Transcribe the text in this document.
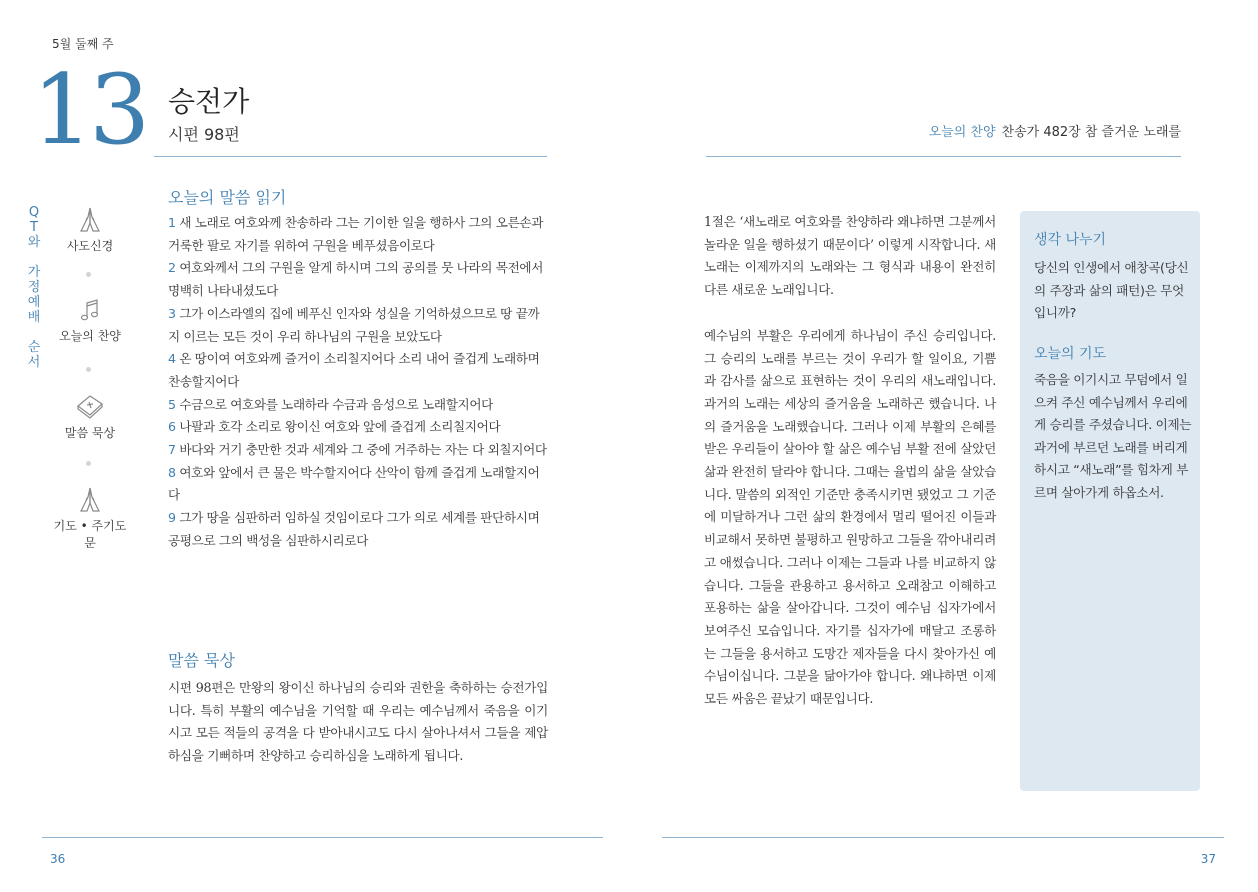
5월 둘째 주
13 승전가
시편 98편	오늘의 찬양 찬송가 482장 참 즐거운 노래를
Q
T
와
가
정
예
배
순
서
사도신경
오늘의 찬양
말씀 묵상
기도 • 주기도문
오늘의 말씀 읽기
1 새 노래로 여호와께 찬송하라 그는 기이한 일을 행하사 그의 오른손과 거룩한 팔로 자기를 위하여 구원을 베푸셨음이로다
2 여호와께서 그의 구원을 알게 하시며 그의 공의를 뭇 나라의 목전에서 명백히 나타내셨도다
3 그가 이스라엘의 집에 베푸신 인자와 성실을 기억하셨으므로 땅 끝까지 이르는 모든 것이 우리 하나님의 구원을 보았도다
4 온 땅이여 여호와께 즐거이 소리칠지어다 소리 내어 즐겁게 노래하며 찬송할지어다
5 수금으로 여호와를 노래하라 수금과 음성으로 노래할지어다
6 나팔과 호각 소리로 왕이신 여호와 앞에 즐겁게 소리칠지어다
7 바다와 거기 충만한 것과 세계와 그 중에 거주하는 자는 다 외칠지어다
8 여호와 앞에서 큰 물은 박수할지어다 산악이 함께 즐겁게 노래할지어다
9 그가 땅을 심판하러 임하실 것임이로다 그가 의로 세계를 판단하시며 공평으로 그의 백성을 심판하시리로다
말씀 묵상
시편 98편은 만왕의 왕이신 하나님의 승리와 권한을 축하하는 승전가입니다. 특히 부활의 예수님을 기억할 때 우리는 예수님께서 죽음을 이기시고 모든 적들의 공격을 다 받아내시고도 다시 살아나셔서 그들을 제압하심을 기뻐하며 찬양하고 승리하심을 노래하게 됩니다.

1절은 ‘새노래로 여호와를 찬양하라 왜냐하면 그분께서 놀라운 일을 행하셨기 때문이다’ 이렇게 시작합니다. 새 노래는 이제까지의 노래와는 그 형식과 내용이 완전히 다른 새로운 노래입니다.

예수님의 부활은 우리에게 하나님이 주신 승리입니다. 그 승리의 노래를 부르는 것이 우리가 할 일이요, 기쁨과 감사를 삶으로 표현하는 것이 우리의 새노래입니다. 과거의 노래는 세상의 즐거움을 노래하곤 했습니다. 나의 즐거움을 노래했습니다. 그러나 이제 부활의 은혜를 받은 우리들이 살아야 할 삶은 예수님 부활 전에 살았던 삶과 완전히 달라야 합니다. 그때는 율법의 삶을 살았습니다. 말씀의 외적인 기준만 충족시키면 됐었고 그 기준에 미달하거나 그런 삶의 환경에서 멀리 떨어진 이들과 비교해서 못하면 불평하고 원망하고 그들을 깎아내리려고 애썼습니다. 그러나 이제는 그들과 나를 비교하지 않습니다. 그들을 관용하고 용서하고 오래참고 이해하고 포용하는 삶을 살아갑니다. 그것이 예수님 십자가에서 보여주신 모습입니다. 자기를 십자가에 매달고 조롱하는 그들을 용서하고 도망간 제자들을 다시 찾아가신 예수님이십니다. 그분을 닮아가야 합니다. 왜냐하면 이제 모든 싸움은 끝났기 때문입니다.

생각 나누기
당신의 인생에서 애창곡(당신의 주장과 삶의 패턴)은 무엇입니까?
오늘의 기도
죽음을 이기시고 무덤에서 일으켜 주신 예수님께서 우리에게 승리를 주셨습니다. 이제는 과거에 부르던 노래를 버리게 하시고 “새노래”를 힘차게 부르며 살아가게 하옵소서.
36	37
